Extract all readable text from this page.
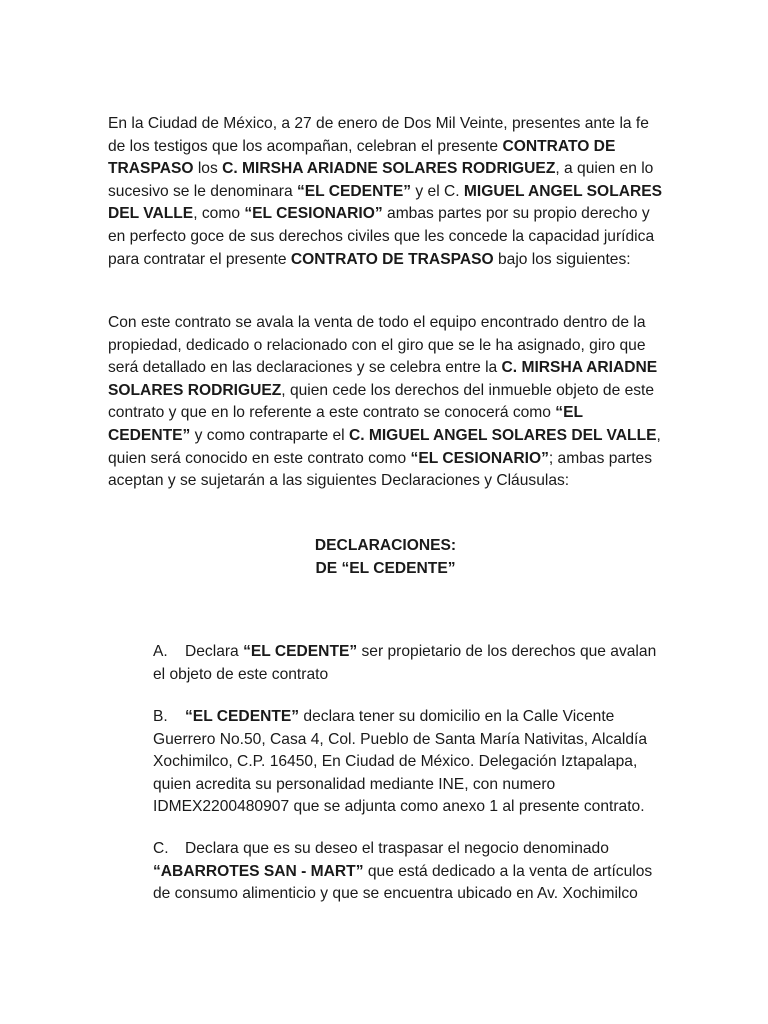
En la Ciudad de México, a 27 de enero de Dos Mil Veinte, presentes ante la fe de los testigos que los acompañan, celebran el presente CONTRATO DE TRASPASO los C. MIRSHA ARIADNE SOLARES RODRIGUEZ, a quien en lo sucesivo se le denominara “EL CEDENTE” y el C. MIGUEL ANGEL SOLARES DEL VALLE, como “EL CESIONARIO” ambas partes por su propio derecho y en perfecto goce de sus derechos civiles que les concede la capacidad jurídica para contratar el presente CONTRATO DE TRASPASO bajo los siguientes:

Con este contrato se avala la venta de todo el equipo encontrado dentro de la propiedad, dedicado o relacionado con el giro que se le ha asignado, giro que será detallado en las declaraciones y se celebra entre la C. MIRSHA ARIADNE SOLARES RODRIGUEZ, quien cede los derechos del inmueble objeto de este contrato y que en lo referente a este contrato se conocerá como “EL CEDENTE” y como contraparte el C. MIGUEL ANGEL SOLARES DEL VALLE, quien será conocido en este contrato como “EL CESIONARIO”; ambas partes aceptan y se sujetarán a las siguientes Declaraciones y Cláusulas:

DECLARACIONES:
DE “EL CEDENTE”

A. Declara “EL CEDENTE” ser propietario de los derechos que avalan el objeto de este contrato

B. “EL CEDENTE” declara tener su domicilio en la Calle Vicente Guerrero No.50, Casa 4, Col. Pueblo de Santa María Nativitas, Alcaldía Xochimilco, C.P. 16450, En Ciudad de México. Delegación Iztapalapa, quien acredita su personalidad mediante INE, con numero IDMEX2200480907 que se adjunta como anexo 1 al presente contrato.

C. Declara que es su deseo el traspasar el negocio denominado “ABARROTES SAN - MART” que está dedicado a la venta de artículos de consumo alimenticio y que se encuentra ubicado en Av. Xochimilco
